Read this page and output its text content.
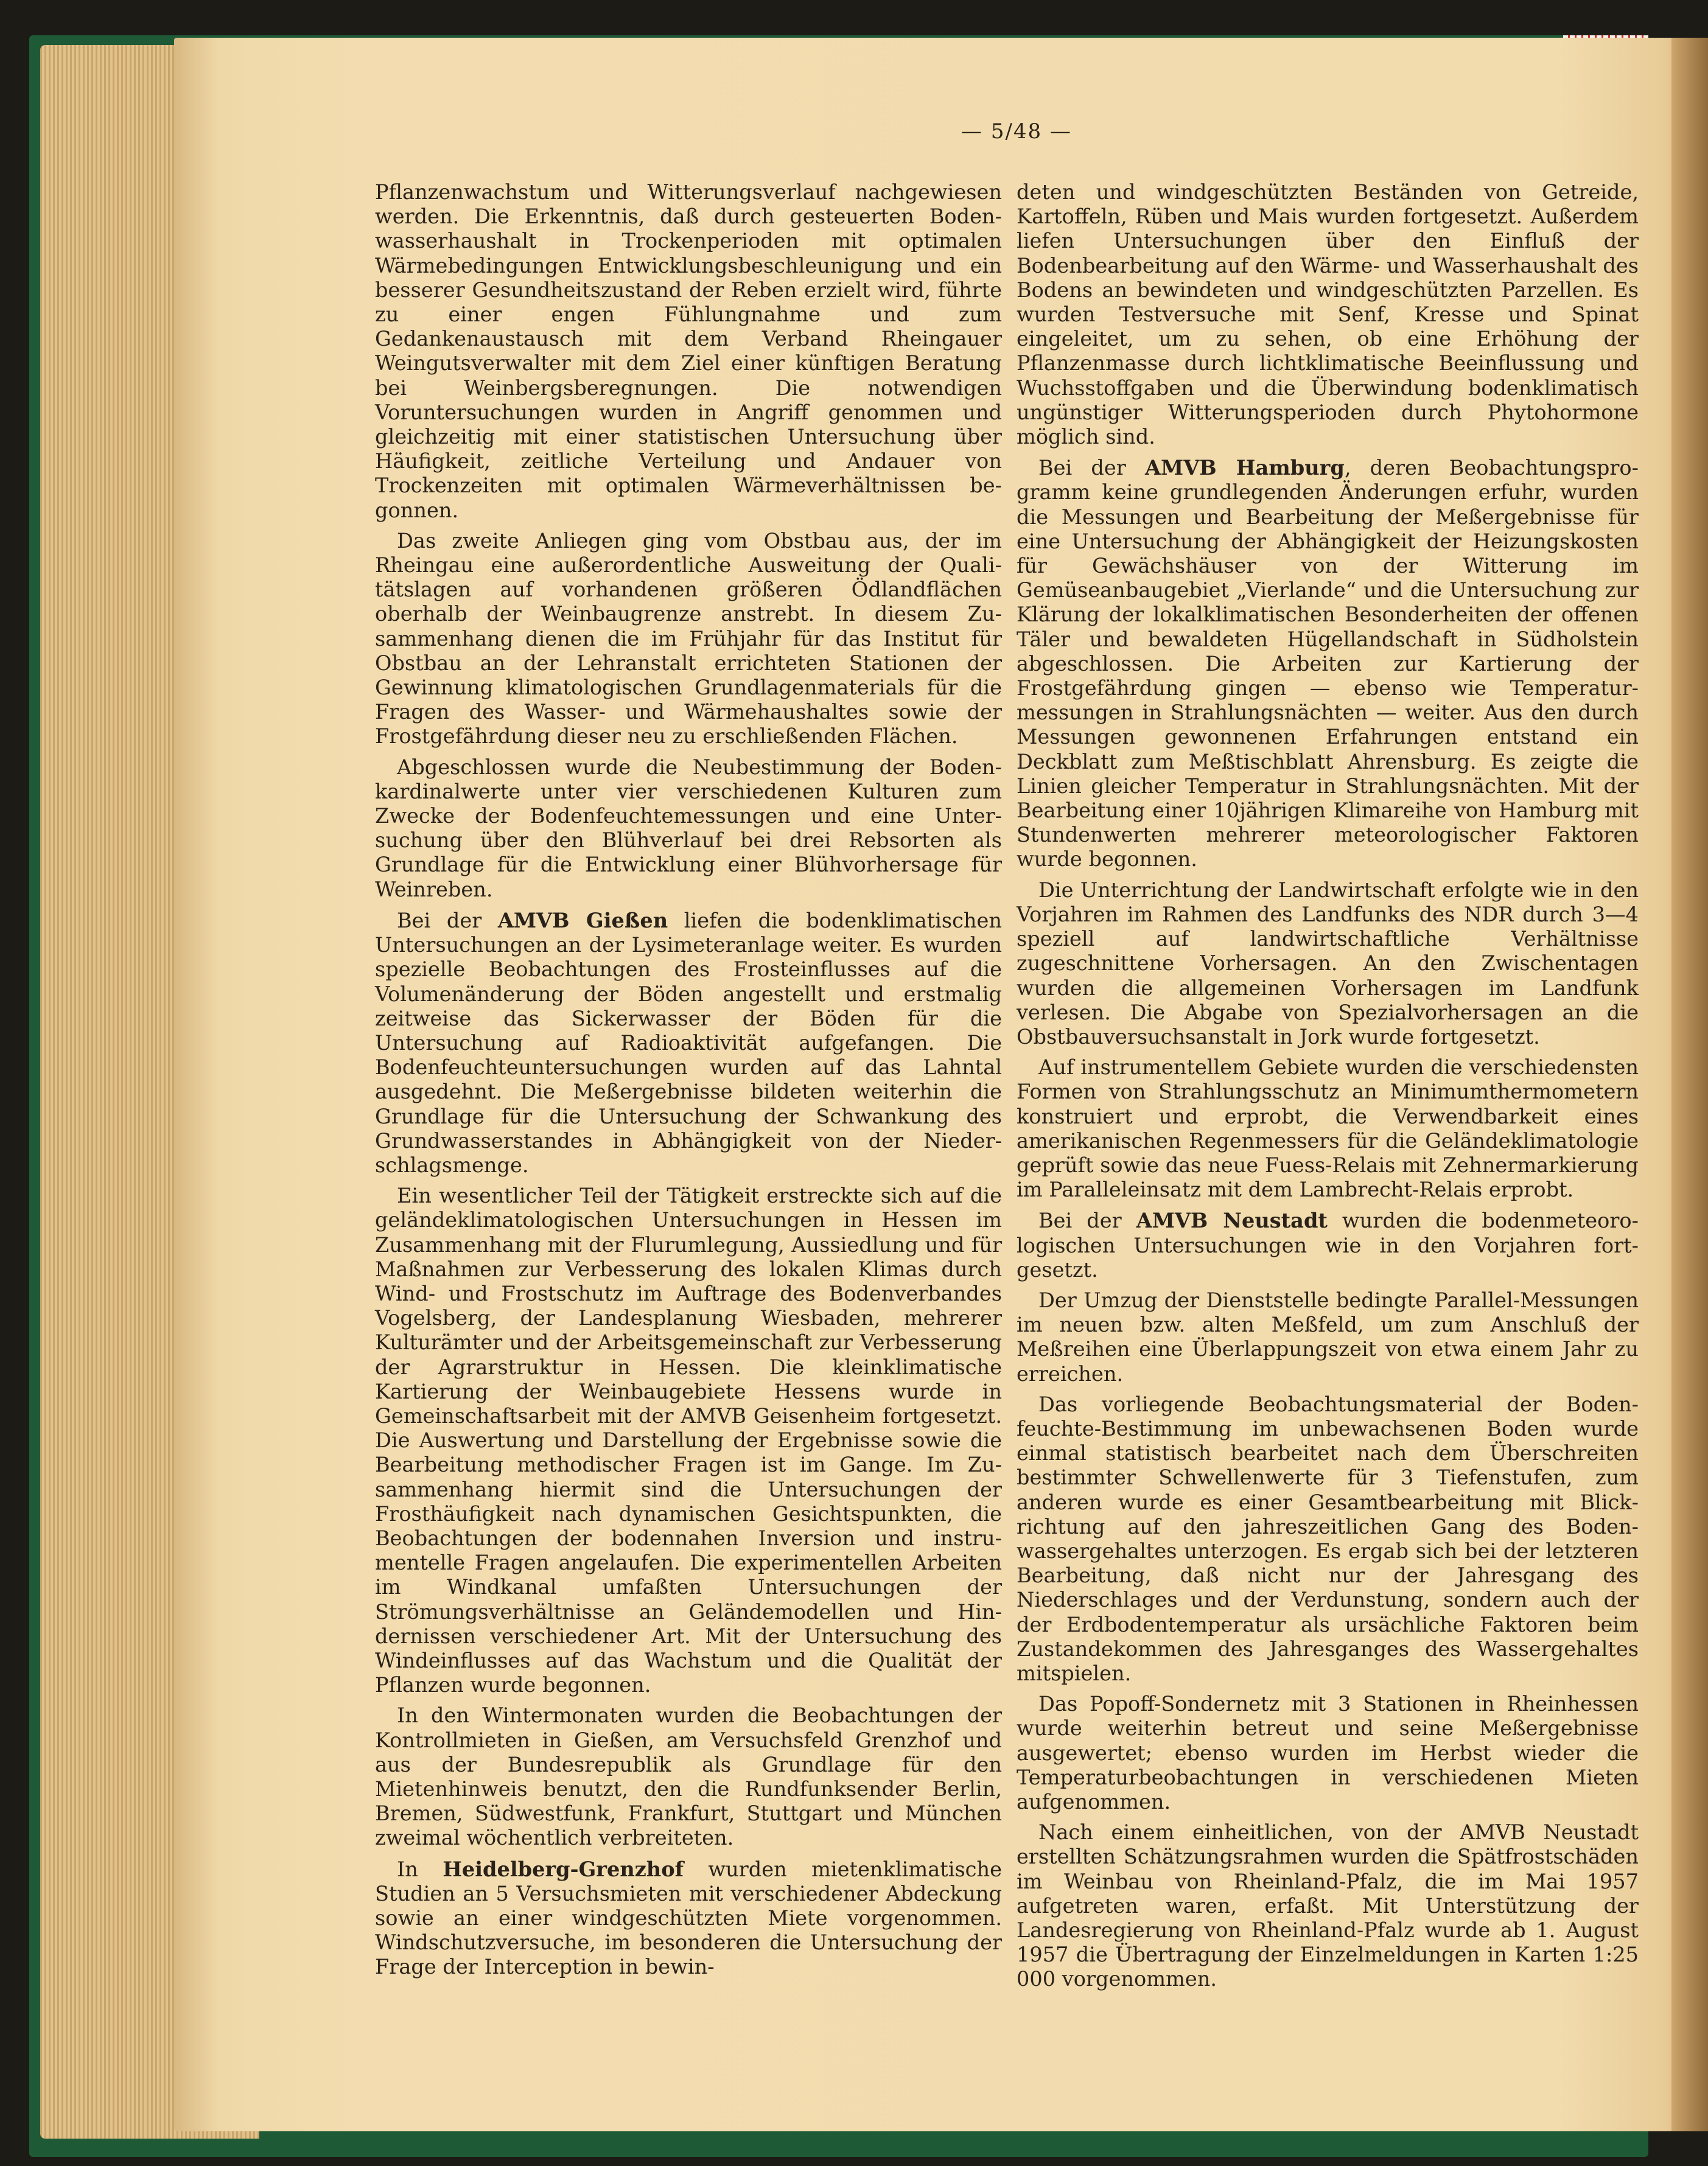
— 5/48 —

Pflanzenwachstum und Witterungsverlauf nachgewiesen werden. Die Erkenntnis, daß durch gesteuerten Bodenwasserhaushalt in Trockenperioden mit optimalen Wärmebedingungen Entwicklungsbeschleunigung und ein besserer Gesundheitszustand der Reben erzielt wird, führte zu einer engen Fühlungnahme und zum Gedankenaustausch mit dem Verband Rheingauer Weingutsverwalter mit dem Ziel einer künftigen Beratung bei Weinbergsberegnungen. Die notwendigen Voruntersuchungen wurden in Angriff genommen und gleichzeitig mit einer statistischen Untersuchung über Häufigkeit, zeitliche Verteilung und Andauer von Trockenzeiten mit optimalen Wärmeverhältnissen begonnen.

Das zweite Anliegen ging vom Obstbau aus, der im Rheingau eine außerordentliche Ausweitung der Qualitätslagen auf vorhandenen größeren Ödlandflächen oberhalb der Weinbaugrenze anstrebt. In diesem Zusammenhang dienen die im Frühjahr für das Institut für Obstbau an der Lehranstalt errichteten Stationen der Gewinnung klimatologischen Grundlagenmaterials für die Fragen des Wasser- und Wärmehaushaltes sowie der Frostgefährdung dieser neu zu erschließenden Flächen.

Abgeschlossen wurde die Neubestimmung der Bodenkardinalwerte unter vier verschiedenen Kulturen zum Zwecke der Bodenfeuchtemessungen und eine Untersuchung über den Blühverlauf bei drei Rebsorten als Grundlage für die Entwicklung einer Blühvorhersage für Weinreben.

Bei der AMVB Gießen liefen die bodenklimatischen Untersuchungen an der Lysimeteranlage weiter. Es wurden spezielle Beobachtungen des Frosteinflusses auf die Volumenänderung der Böden angestellt und erstmalig zeitweise das Sickerwasser der Böden für die Untersuchung auf Radioaktivität aufgefangen. Die Bodenfeuchteuntersuchungen wurden auf das Lahntal ausgedehnt. Die Meßergebnisse bildeten weiterhin die Grundlage für die Untersuchung der Schwankung des Grundwasserstandes in Abhängigkeit von der Niederschlagsmenge.

Ein wesentlicher Teil der Tätigkeit erstreckte sich auf die geländeklimatologischen Untersuchungen in Hessen im Zusammenhang mit der Flurumlegung, Aussiedlung und für Maßnahmen zur Verbesserung des lokalen Klimas durch Wind- und Frostschutz im Auftrage des Bodenverbandes Vogelsberg, der Landesplanung Wiesbaden, mehrerer Kulturämter und der Arbeitsgemeinschaft zur Verbesserung der Agrarstruktur in Hessen. Die kleinklimatische Kartierung der Weinbaugebiete Hessens wurde in Gemeinschaftsarbeit mit der AMVB Geisenheim fortgesetzt. Die Auswertung und Darstellung der Ergebnisse sowie die Bearbeitung methodischer Fragen ist im Gange. Im Zusammenhang hiermit sind die Untersuchungen der Frosthäufigkeit nach dynamischen Gesichtspunkten, die Beobachtungen der bodennahen Inversion und instrumentelle Fragen angelaufen. Die experimentellen Arbeiten im Windkanal umfaßten Untersuchungen der Strömungsverhältnisse an Geländemodellen und Hindernissen verschiedener Art. Mit der Untersuchung des Windeinflusses auf das Wachstum und die Qualität der Pflanzen wurde begonnen.

In den Wintermonaten wurden die Beobachtungen der Kontrollmieten in Gießen, am Versuchsfeld Grenzhof und aus der Bundesrepublik als Grundlage für den Mietenhinweis benutzt, den die Rundfunksender Berlin, Bremen, Südwestfunk, Frankfurt, Stuttgart und München zweimal wöchentlich verbreiteten.

In Heidelberg-Grenzhof wurden mietenklimatische Studien an 5 Versuchsmieten mit verschiedener Abdeckung sowie an einer windgeschützten Miete vorgenommen. Windschutzversuche, im besonderen die Untersuchung der Frage der Interception in bewin-

deten und windgeschützten Beständen von Getreide, Kartoffeln, Rüben und Mais wurden fortgesetzt. Außerdem liefen Untersuchungen über den Einfluß der Bodenbearbeitung auf den Wärme- und Wasserhaushalt des Bodens an bewindeten und windgeschützten Parzellen. Es wurden Testversuche mit Senf, Kresse und Spinat eingeleitet, um zu sehen, ob eine Erhöhung der Pflanzenmasse durch lichtklimatische Beeinflussung und Wuchsstoffgaben und die Überwindung bodenklimatisch ungünstiger Witterungsperioden durch Phytohormone möglich sind.

Bei der AMVB Hamburg, deren Beobachtungsprogramm keine grundlegenden Änderungen erfuhr, wurden die Messungen und Bearbeitung der Meßergebnisse für eine Untersuchung der Abhängigkeit der Heizungskosten für Gewächshäuser von der Witterung im Gemüseanbaugebiet „Vierlande“ und die Untersuchung zur Klärung der lokalklimatischen Besonderheiten der offenen Täler und bewaldeten Hügellandschaft in Südholstein abgeschlossen. Die Arbeiten zur Kartierung der Frostgefährdung gingen — ebenso wie Temperaturmessungen in Strahlungsnächten — weiter. Aus den durch Messungen gewonnenen Erfahrungen entstand ein Deckblatt zum Meßtischblatt Ahrensburg. Es zeigte die Linien gleicher Temperatur in Strahlungsnächten. Mit der Bearbeitung einer 10jährigen Klimareihe von Hamburg mit Stundenwerten mehrerer meteorologischer Faktoren wurde begonnen.

Die Unterrichtung der Landwirtschaft erfolgte wie in den Vorjahren im Rahmen des Landfunks des NDR durch 3—4 speziell auf landwirtschaftliche Verhältnisse zugeschnittene Vorhersagen. An den Zwischentagen wurden die allgemeinen Vorhersagen im Landfunk verlesen. Die Abgabe von Spezialvorhersagen an die Obstbauversuchsanstalt in Jork wurde fortgesetzt.

Auf instrumentellem Gebiete wurden die verschiedensten Formen von Strahlungsschutz an Minimumthermometern konstruiert und erprobt, die Verwendbarkeit eines amerikanischen Regenmessers für die Geländeklimatologie geprüft sowie das neue Fuess-Relais mit Zehnermarkierung im Paralleleinsatz mit dem Lambrecht-Relais erprobt.

Bei der AMVB Neustadt wurden die bodenmeteorologischen Untersuchungen wie in den Vorjahren fortgesetzt.

Der Umzug der Dienststelle bedingte Parallel-Messungen im neuen bzw. alten Meßfeld, um zum Anschluß der Meßreihen eine Überlappungszeit von etwa einem Jahr zu erreichen.

Das vorliegende Beobachtungsmaterial der Bodenfeuchte-Bestimmung im unbewachsenen Boden wurde einmal statistisch bearbeitet nach dem Überschreiten bestimmter Schwellenwerte für 3 Tiefenstufen, zum anderen wurde es einer Gesamtbearbeitung mit Blickrichtung auf den jahreszeitlichen Gang des Bodenwassergehaltes unterzogen. Es ergab sich bei der letzteren Bearbeitung, daß nicht nur der Jahresgang des Niederschlages und der Verdunstung, sondern auch der der Erdbodentemperatur als ursächliche Faktoren beim Zustandekommen des Jahresganges des Wassergehaltes mitspielen.

Das Popoff-Sondernetz mit 3 Stationen in Rheinhessen wurde weiterhin betreut und seine Meßergebnisse ausgewertet; ebenso wurden im Herbst wieder die Temperaturbeobachtungen in verschiedenen Mieten aufgenommen.

Nach einem einheitlichen, von der AMVB Neustadt erstellten Schätzungsrahmen wurden die Spätfrostschäden im Weinbau von Rheinland-Pfalz, die im Mai 1957 aufgetreten waren, erfaßt. Mit Unterstützung der Landesregierung von Rheinland-Pfalz wurde ab 1. August 1957 die Übertragung der Einzelmeldungen in Karten 1:25 000 vorgenommen.
